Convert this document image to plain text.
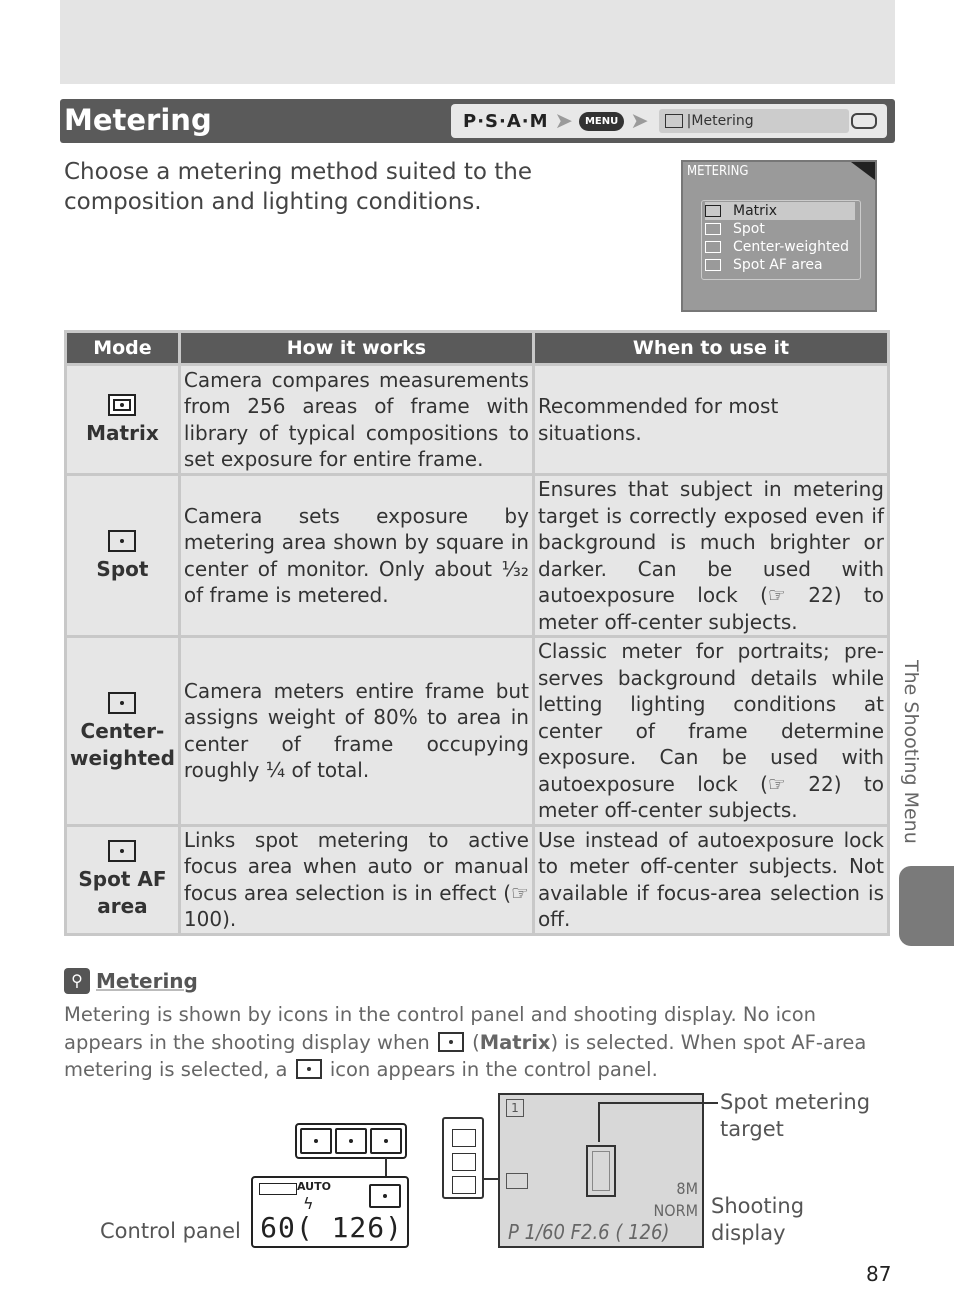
Metering	P·S·A·M ➤	MENU ➤	| Metering
Choose a metering method suited to the composition and lighting conditions.
METERING
Matrix
Spot
Center-weighted
Spot AF area
Mode	How it works	When to use it

Matrix	Camera compares measurements from 256 areas of frame with library of typical compositions to set exposure for entire frame.	Recommended for most situations.

Spot	Camera sets exposure by metering area shown by square in center of monitor. Only about ¹⁄₃₂ of frame is metered.	Ensures that subject in metering target is correctly exposed even if background is much brighter or darker. Can be used with autoexposure lock (☞ 22) to meter off-center subjects.

Center-weighted	Camera meters entire frame but assigns weight of 80% to area in center of frame occupying roughly ¼ of total.	Classic meter for portraits; preserves background details while letting lighting conditions at center of frame determine exposure. Can be used with autoexposure lock (☞ 22) to meter off-center subjects.

Spot AF area	Links spot metering to active focus area when auto or manual focus area selection is in effect (☞ 100).	Use instead of autoexposure lock to meter off-center subjects. Not available if focus-area selection is off.
The Shooting Menu
⚲ Metering
Metering is shown by icons in the control panel and shooting display. No icon appears in the shooting display when  (Matrix) is selected. When spot AF-area metering is selected, a icon appears in the control panel.
Control panel
AUTO
ϟ
60( 126)
1
8M
NORM
P 1/60 F2.6 ( 126)
Spot metering target
Shooting display
87
